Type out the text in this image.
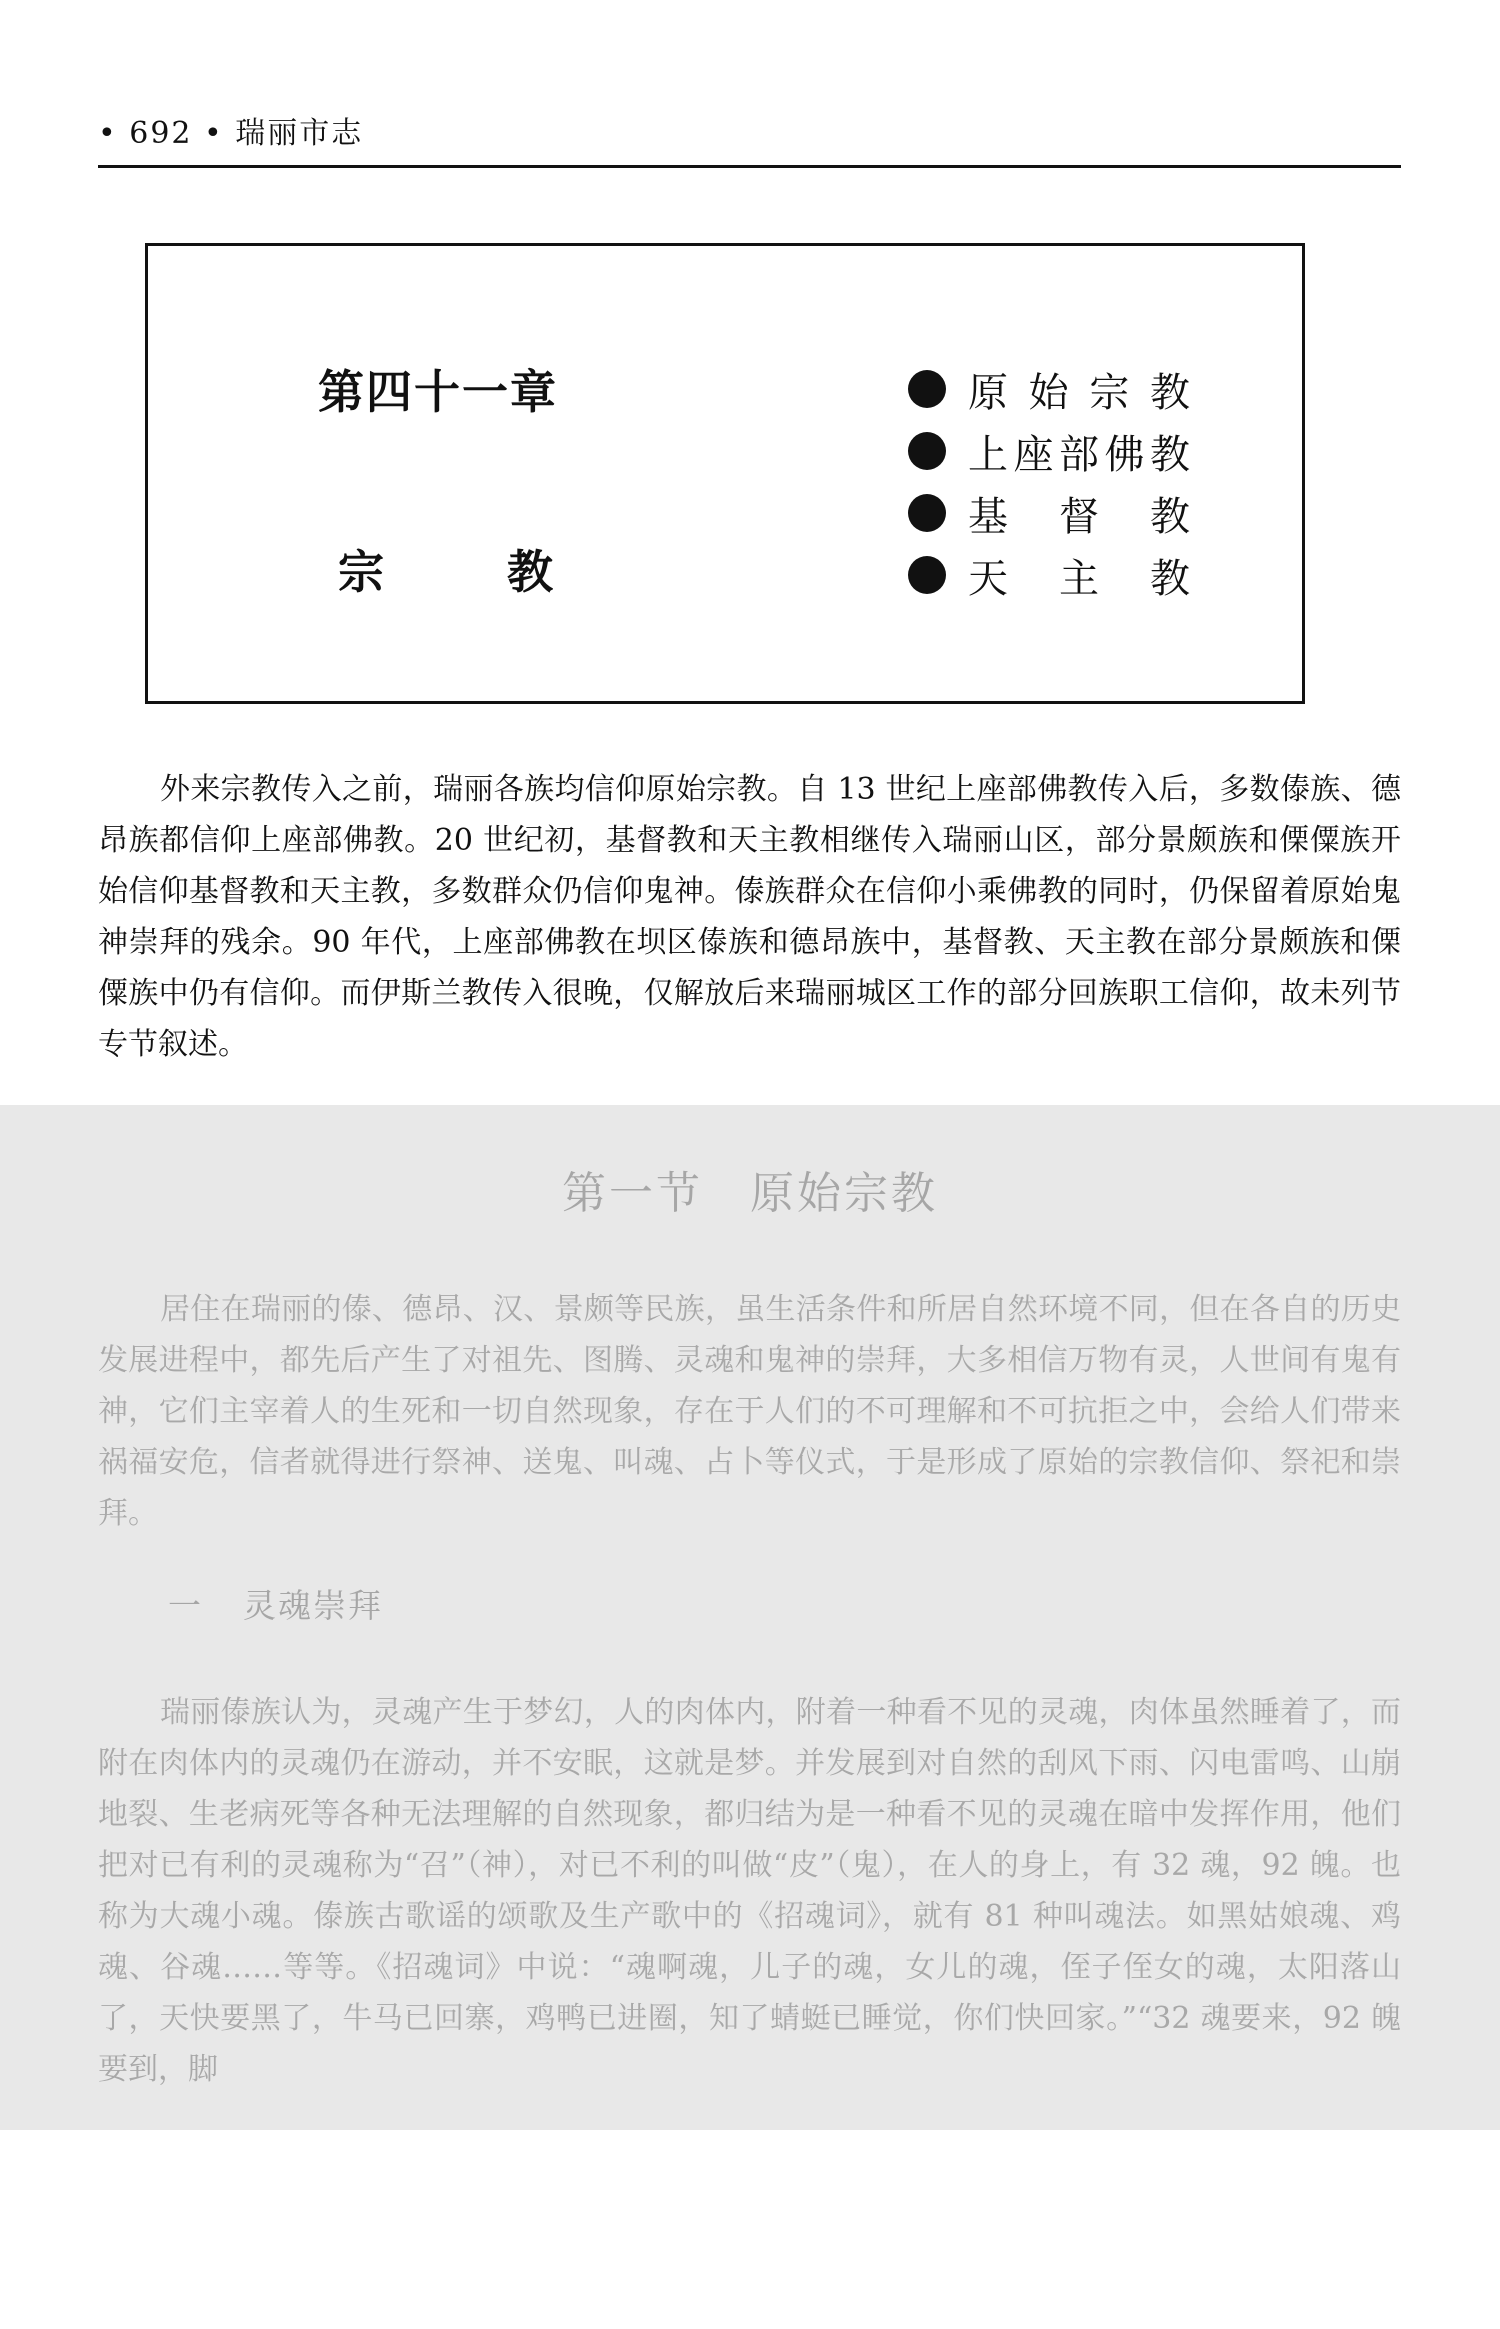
• 692 • 瑞丽市志
第四十一章
宗	教
原始宗教
上座部佛教
基督教
天主教

外来宗教传入之前，瑞丽各族均信仰原始宗教。自 13 世纪上座部佛教传入后，多数傣族、德昂族都信仰上座部佛教。20 世纪初，基督教和天主教相继传入瑞丽山区，部分景颇族和傈僳族开始信仰基督教和天主教，多数群众仍信仰鬼神。傣族群众在信仰小乘佛教的同时，仍保留着原始鬼神崇拜的残余。90 年代，上座部佛教在坝区傣族和德昂族中，基督教、天主教在部分景颇族和傈僳族中仍有信仰。而伊斯兰教传入很晚，仅解放后来瑞丽城区工作的部分回族职工信仰，故未列节专节叙述。

第一节　原始宗教

居住在瑞丽的傣、德昂、汉、景颇等民族，虽生活条件和所居自然环境不同，但在各自的历史发展进程中，都先后产生了对祖先、图腾、灵魂和鬼神的崇拜，大多相信万物有灵，人世间有鬼有神，它们主宰着人的生死和一切自然现象，存在于人们的不可理解和不可抗拒之中，会给人们带来祸福安危，信者就得进行祭神、送鬼、叫魂、占卜等仪式，于是形成了原始的宗教信仰、祭祀和崇拜。

一 灵魂崇拜

瑞丽傣族认为，灵魂产生于梦幻，人的肉体内，附着一种看不见的灵魂，肉体虽然睡着了，而附在肉体内的灵魂仍在游动，并不安眠，这就是梦。并发展到对自然的刮风下雨、闪电雷鸣、山崩地裂、生老病死等各种无法理解的自然现象，都归结为是一种看不见的灵魂在暗中发挥作用，他们把对已有利的灵魂称为“召”（神），对已不利的叫做“皮”（鬼），在人的身上，有 32 魂，92 魄。也称为大魂小魂。傣族古歌谣的颂歌及生产歌中的《招魂词》，就有 81 种叫魂法。如黑姑娘魂、鸡魂、谷魂……等等。《招魂词》中说：“魂啊魂，儿子的魂，女儿的魂，侄子侄女的魂，太阳落山了，天快要黑了，牛马已回寨，鸡鸭已进圈，知了蜻蜓已睡觉，你们快回家。”“32 魂要来，92 魄要到，脚
